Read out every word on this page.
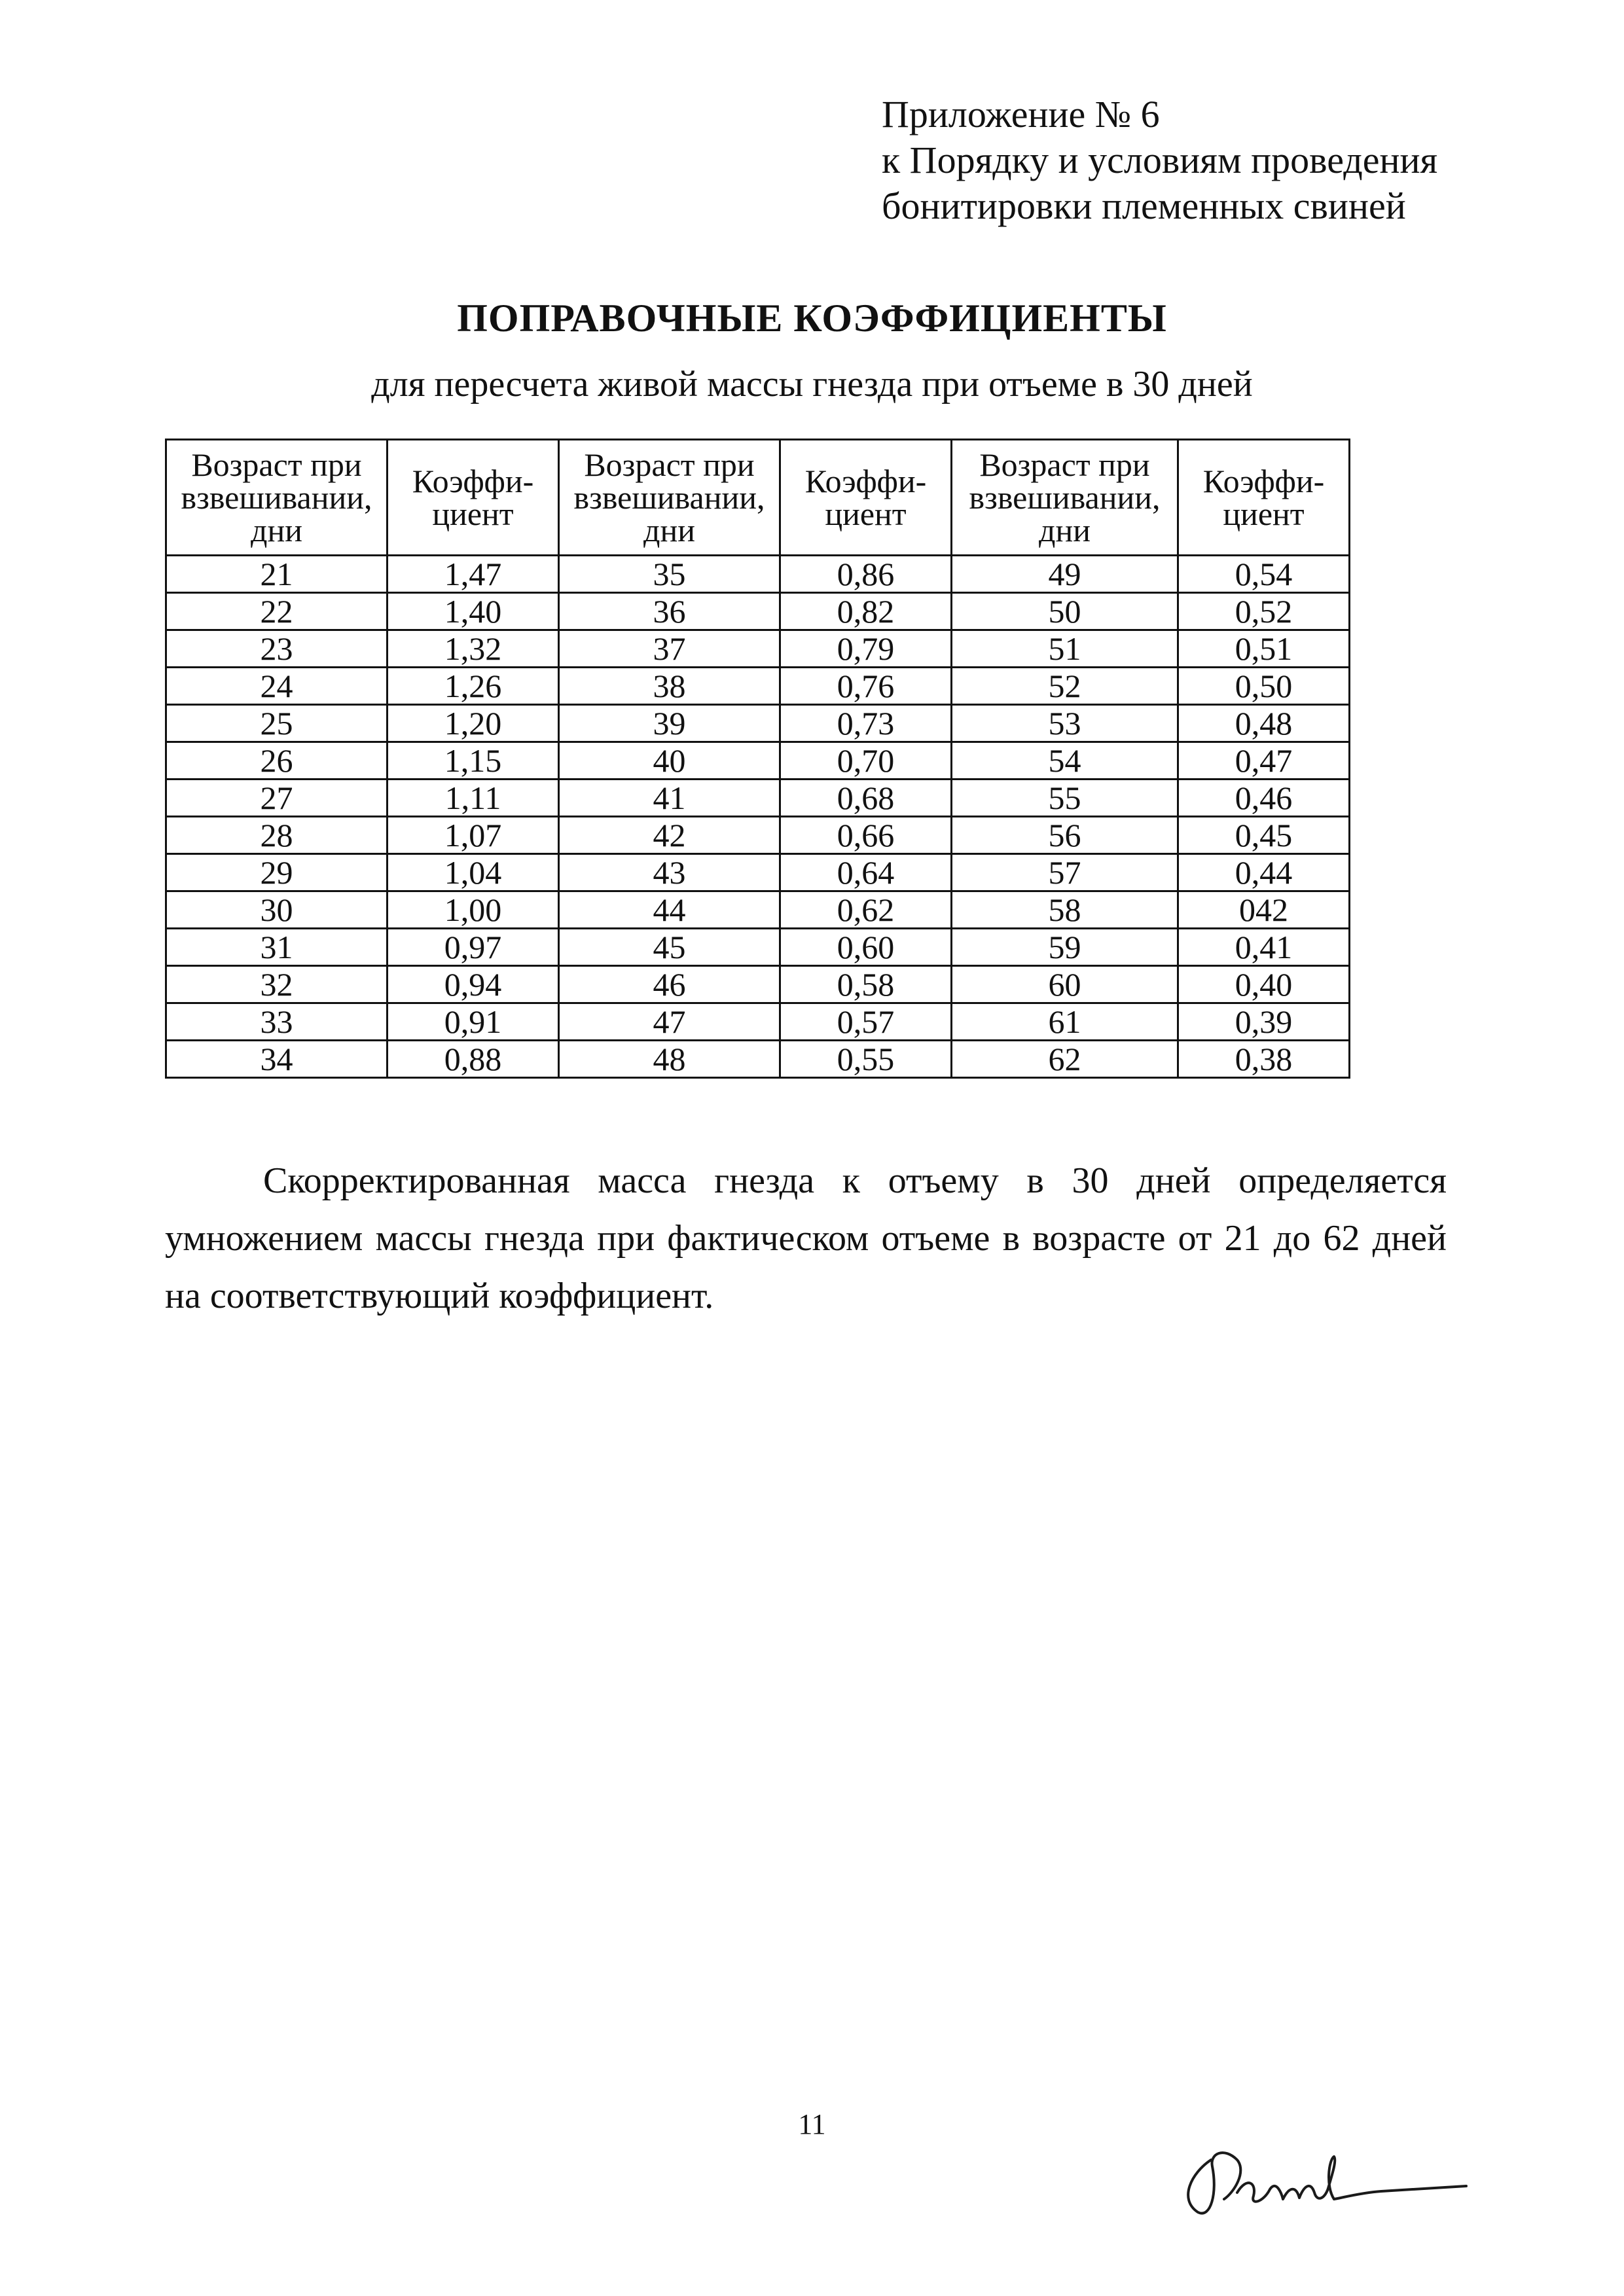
Приложение № 6
к Порядку и условиям проведения
бонитировки племенных свиней
ПОПРАВОЧНЫЕ КОЭФФИЦИЕНТЫ
для пересчета живой массы гнезда при отъеме в 30 дней
Возраст при
взвешивании,
дни	Коэффи-
циент	Возраст при
взвешивании,
дни	Коэффи-
циент	Возраст при
взвешивании,
дни	Коэффи-
циент
21	1,47	35	0,86	49	0,54
22	1,40	36	0,82	50	0,52
23	1,32	37	0,79	51	0,51
24	1,26	38	0,76	52	0,50
25	1,20	39	0,73	53	0,48
26	1,15	40	0,70	54	0,47
27	1,11	41	0,68	55	0,46
28	1,07	42	0,66	56	0,45
29	1,04	43	0,64	57	0,44
30	1,00	44	0,62	58	042
31	0,97	45	0,60	59	0,41
32	0,94	46	0,58	60	0,40
33	0,91	47	0,57	61	0,39
34	0,88	48	0,55	62	0,38
Скорректированная масса гнезда к отъему в 30 дней определяется умножением массы гнезда при фактическом отъеме в возрасте от 21 до 62 дней на соответствующий коэффициент.
11
